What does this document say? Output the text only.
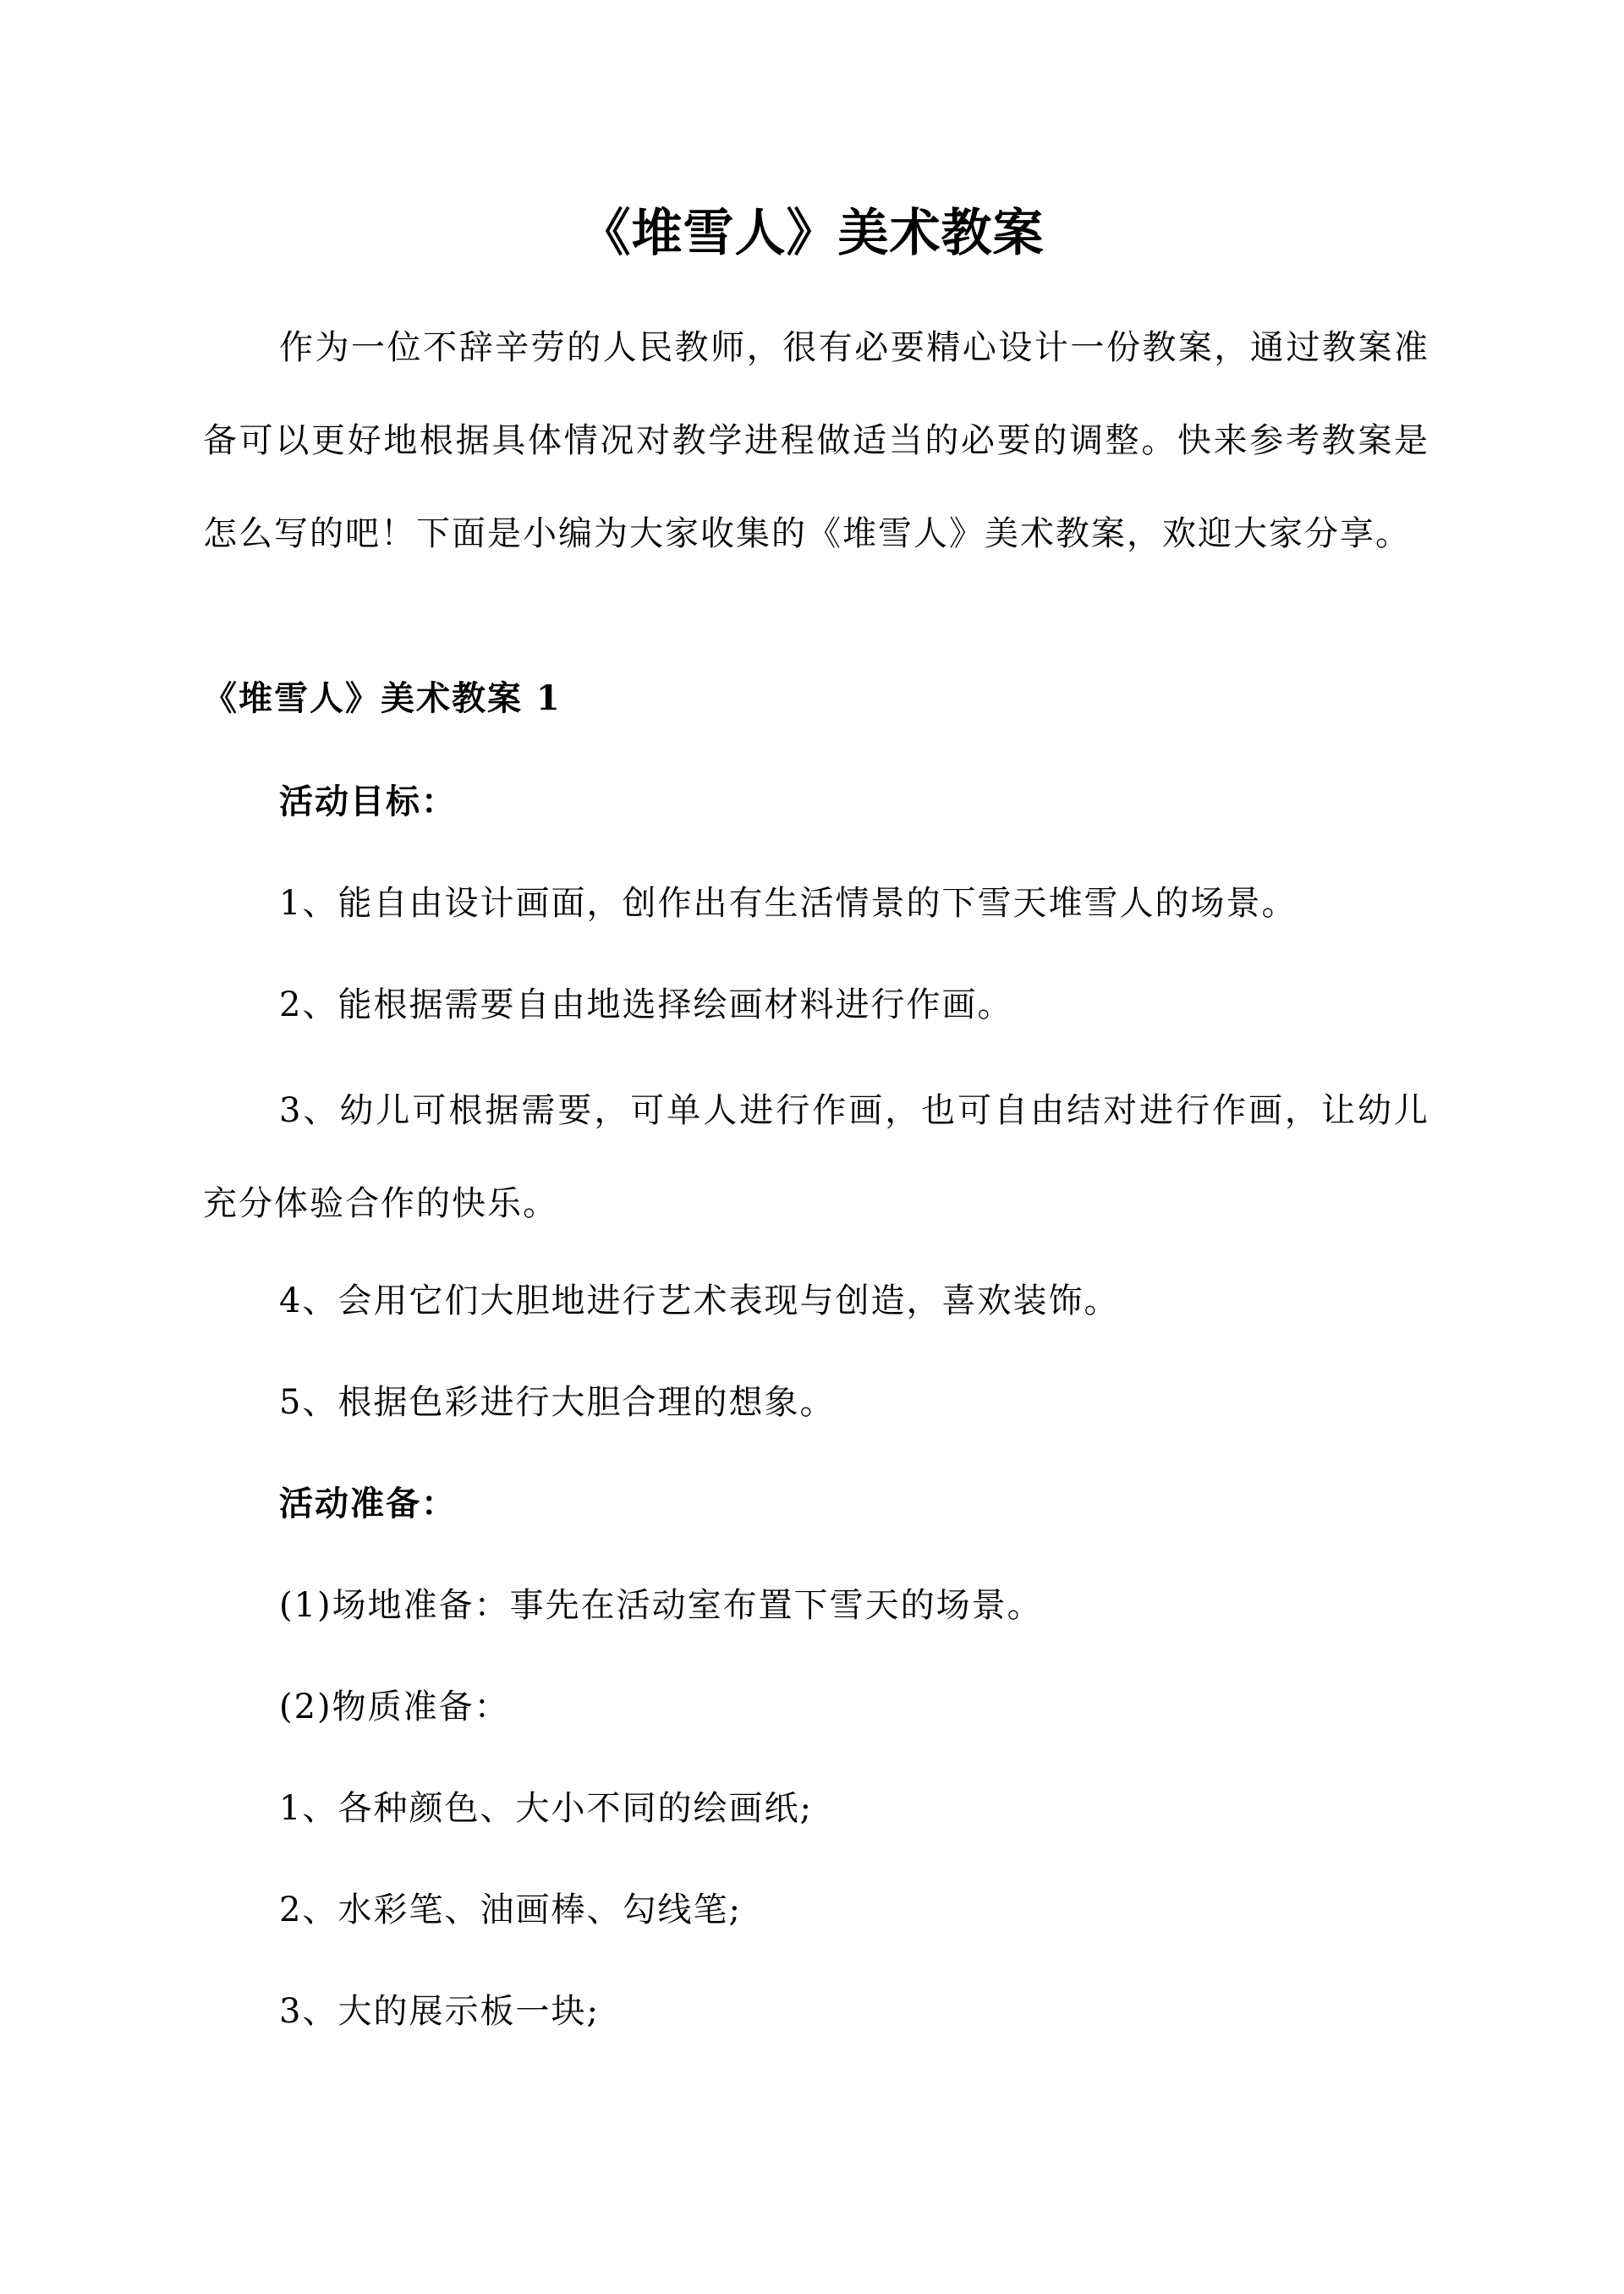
《堆雪人》美术教案

作为一位不辞辛劳的人民教师，很有必要精心设计一份教案，通过教案准备可以更好地根据具体情况对教学进程做适当的必要的调整。快来参考教案是怎么写的吧！下面是小编为大家收集的《堆雪人》美术教案，欢迎大家分享。

《堆雪人》美术教案 1

活动目标：

1、能自由设计画面，创作出有生活情景的下雪天堆雪人的场景。

2、能根据需要自由地选择绘画材料进行作画。

3、幼儿可根据需要，可单人进行作画，也可自由结对进行作画，让幼儿充分体验合作的快乐。

4、会用它们大胆地进行艺术表现与创造，喜欢装饰。

5、根据色彩进行大胆合理的想象。

活动准备：

(1)场地准备：事先在活动室布置下雪天的场景。

(2)物质准备：

1、各种颜色、大小不同的绘画纸;

2、水彩笔、油画棒、勾线笔;

3、大的展示板一块;
